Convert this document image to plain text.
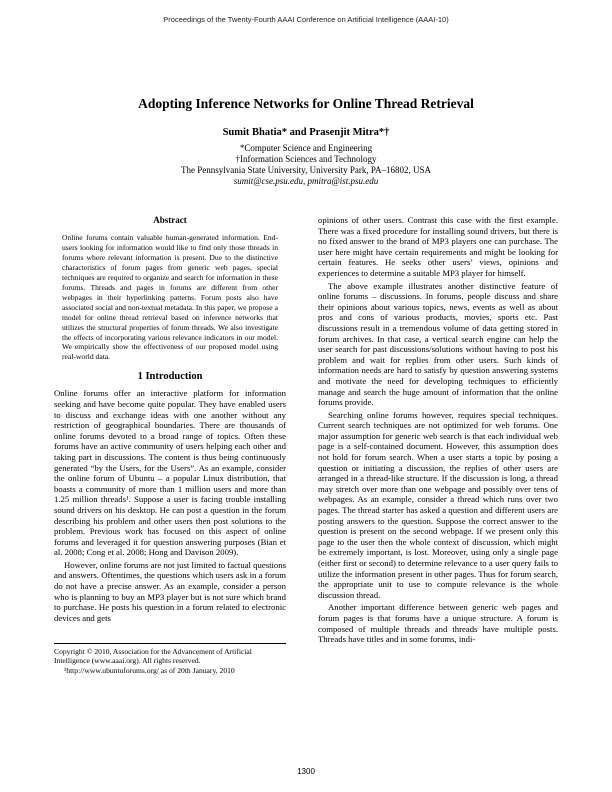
Proceedings of the Twenty-Fourth AAAI Conference on Artificial Intelligence (AAAI-10)
Adopting Inference Networks for Online Thread Retrieval
Sumit Bhatia* and Prasenjit Mitra*†
*Computer Science and Engineering
†Information Sciences and Technology
The Pennsylvania State University, University Park, PA–16802, USA
sumit@cse.psu.edu, pmitra@ist.psu.edu
Abstract

Online forums contain valuable human-generated information. End-users looking for information would like to find only those threads in forums where relevant information is present. Due to the distinctive characteristics of forum pages from generic web pages, special techniques are required to organize and search for information in these forums. Threads and pages in forums are different from other webpages in their hyperlinking patterns. Forum posts also have associated social and non-textual metadata. In this paper, we propose a model for online thread retrieval based on inference networks that utilizes the structural properties of forum threads. We also investigate the effects of incorporating various relevance indicators in our model. We empirically show the effectiveness of our proposed model using real-world data.

1 Introduction

Online forums offer an interactive platform for information seeking and have become quite popular. They have enabled users to discuss and exchange ideas with one another without any restriction of geographical boundaries. There are thousands of online forums devoted to a broad range of topics. Often these forums have an active community of users helping each other and taking part in discussions. The content is thus being continuously generated “by the Users, for the Users”. As an example, consider the online forum of Ubuntu – a popular Linux distribution, that boasts a community of more than 1 million users and more than 1.25 million threads¹. Suppose a user is facing trouble installing sound drivers on his desktop. He can post a question in the forum describing his problem and other users then post solutions to the problem. Previous work has focused on this aspect of online forums and leveraged it for question answering purposes (Bian et al. 2008; Cong et al. 2008; Hong and Davison 2009).

However, online forums are not just limited to factual questions and answers. Oftentimes, the questions which users ask in a forum do not have a precise answer. As an example, consider a person who is planning to buy an MP3 player but is not sure which brand to purchase. He posts his question in a forum related to electronic devices and gets

Copyright © 2010, Association for the Advancement of Artificial Intelligence (www.aaai.org). All rights reserved.
¹http://www.ubuntuforums.org/ as of 20th January, 2010

opinions of other users. Contrast this case with the first example. There was a fixed procedure for installing sound drivers, but there is no fixed answer to the brand of MP3 players one can purchase. The user here might have certain requirements and might be looking for certain features. He seeks other users’ views, opinions and experiences to determine a suitable MP3 player for himself.

The above example illustrates another distinctive feature of online forums – discussions. In forums, people discuss and share their opinions about various topics, news, events as well as about pros and cons of various products, movies, sports etc. Past discussions result in a tremendous volume of data getting stored in forum archives. In that case, a vertical search engine can help the user search for past discussions/solutions without having to post his problem and wait for replies from other users. Such kinds of information needs are hard to satisfy by question answering systems and motivate the need for developing techniques to efficiently manage and search the huge amount of information that the online forums provide.

Searching online forums however, requires special techniques. Current search techniques are not optimized for web forums. One major assumption for generic web search is that each individual web page is a self-contained document. However, this assumption does not hold for forum search. When a user starts a topic by posing a question or initiating a discussion, the replies of other users are arranged in a thread-like structure. If the discussion is long, a thread may stretch over more than one webpage and possibly over tens of webpages. As an example, consider a thread which runs over two pages. The thread starter has asked a question and different users are posting answers to the question. Suppose the correct answer to the question is present on the second webpage. If we present only this page to the user then the whole context of discussion, which might be extremely important, is lost. Moreover, using only a single page (either first or second) to determine relevance to a user query fails to utilize the information present in other pages. Thus for forum search, the appropriate unit to use to compute relevance is the whole discussion thread.

Another important difference between generic web pages and forum pages is that forums have a unique structure. A forum is composed of multiple threads and threads have multiple posts. Threads have titles and in some forums, indi-

1300
